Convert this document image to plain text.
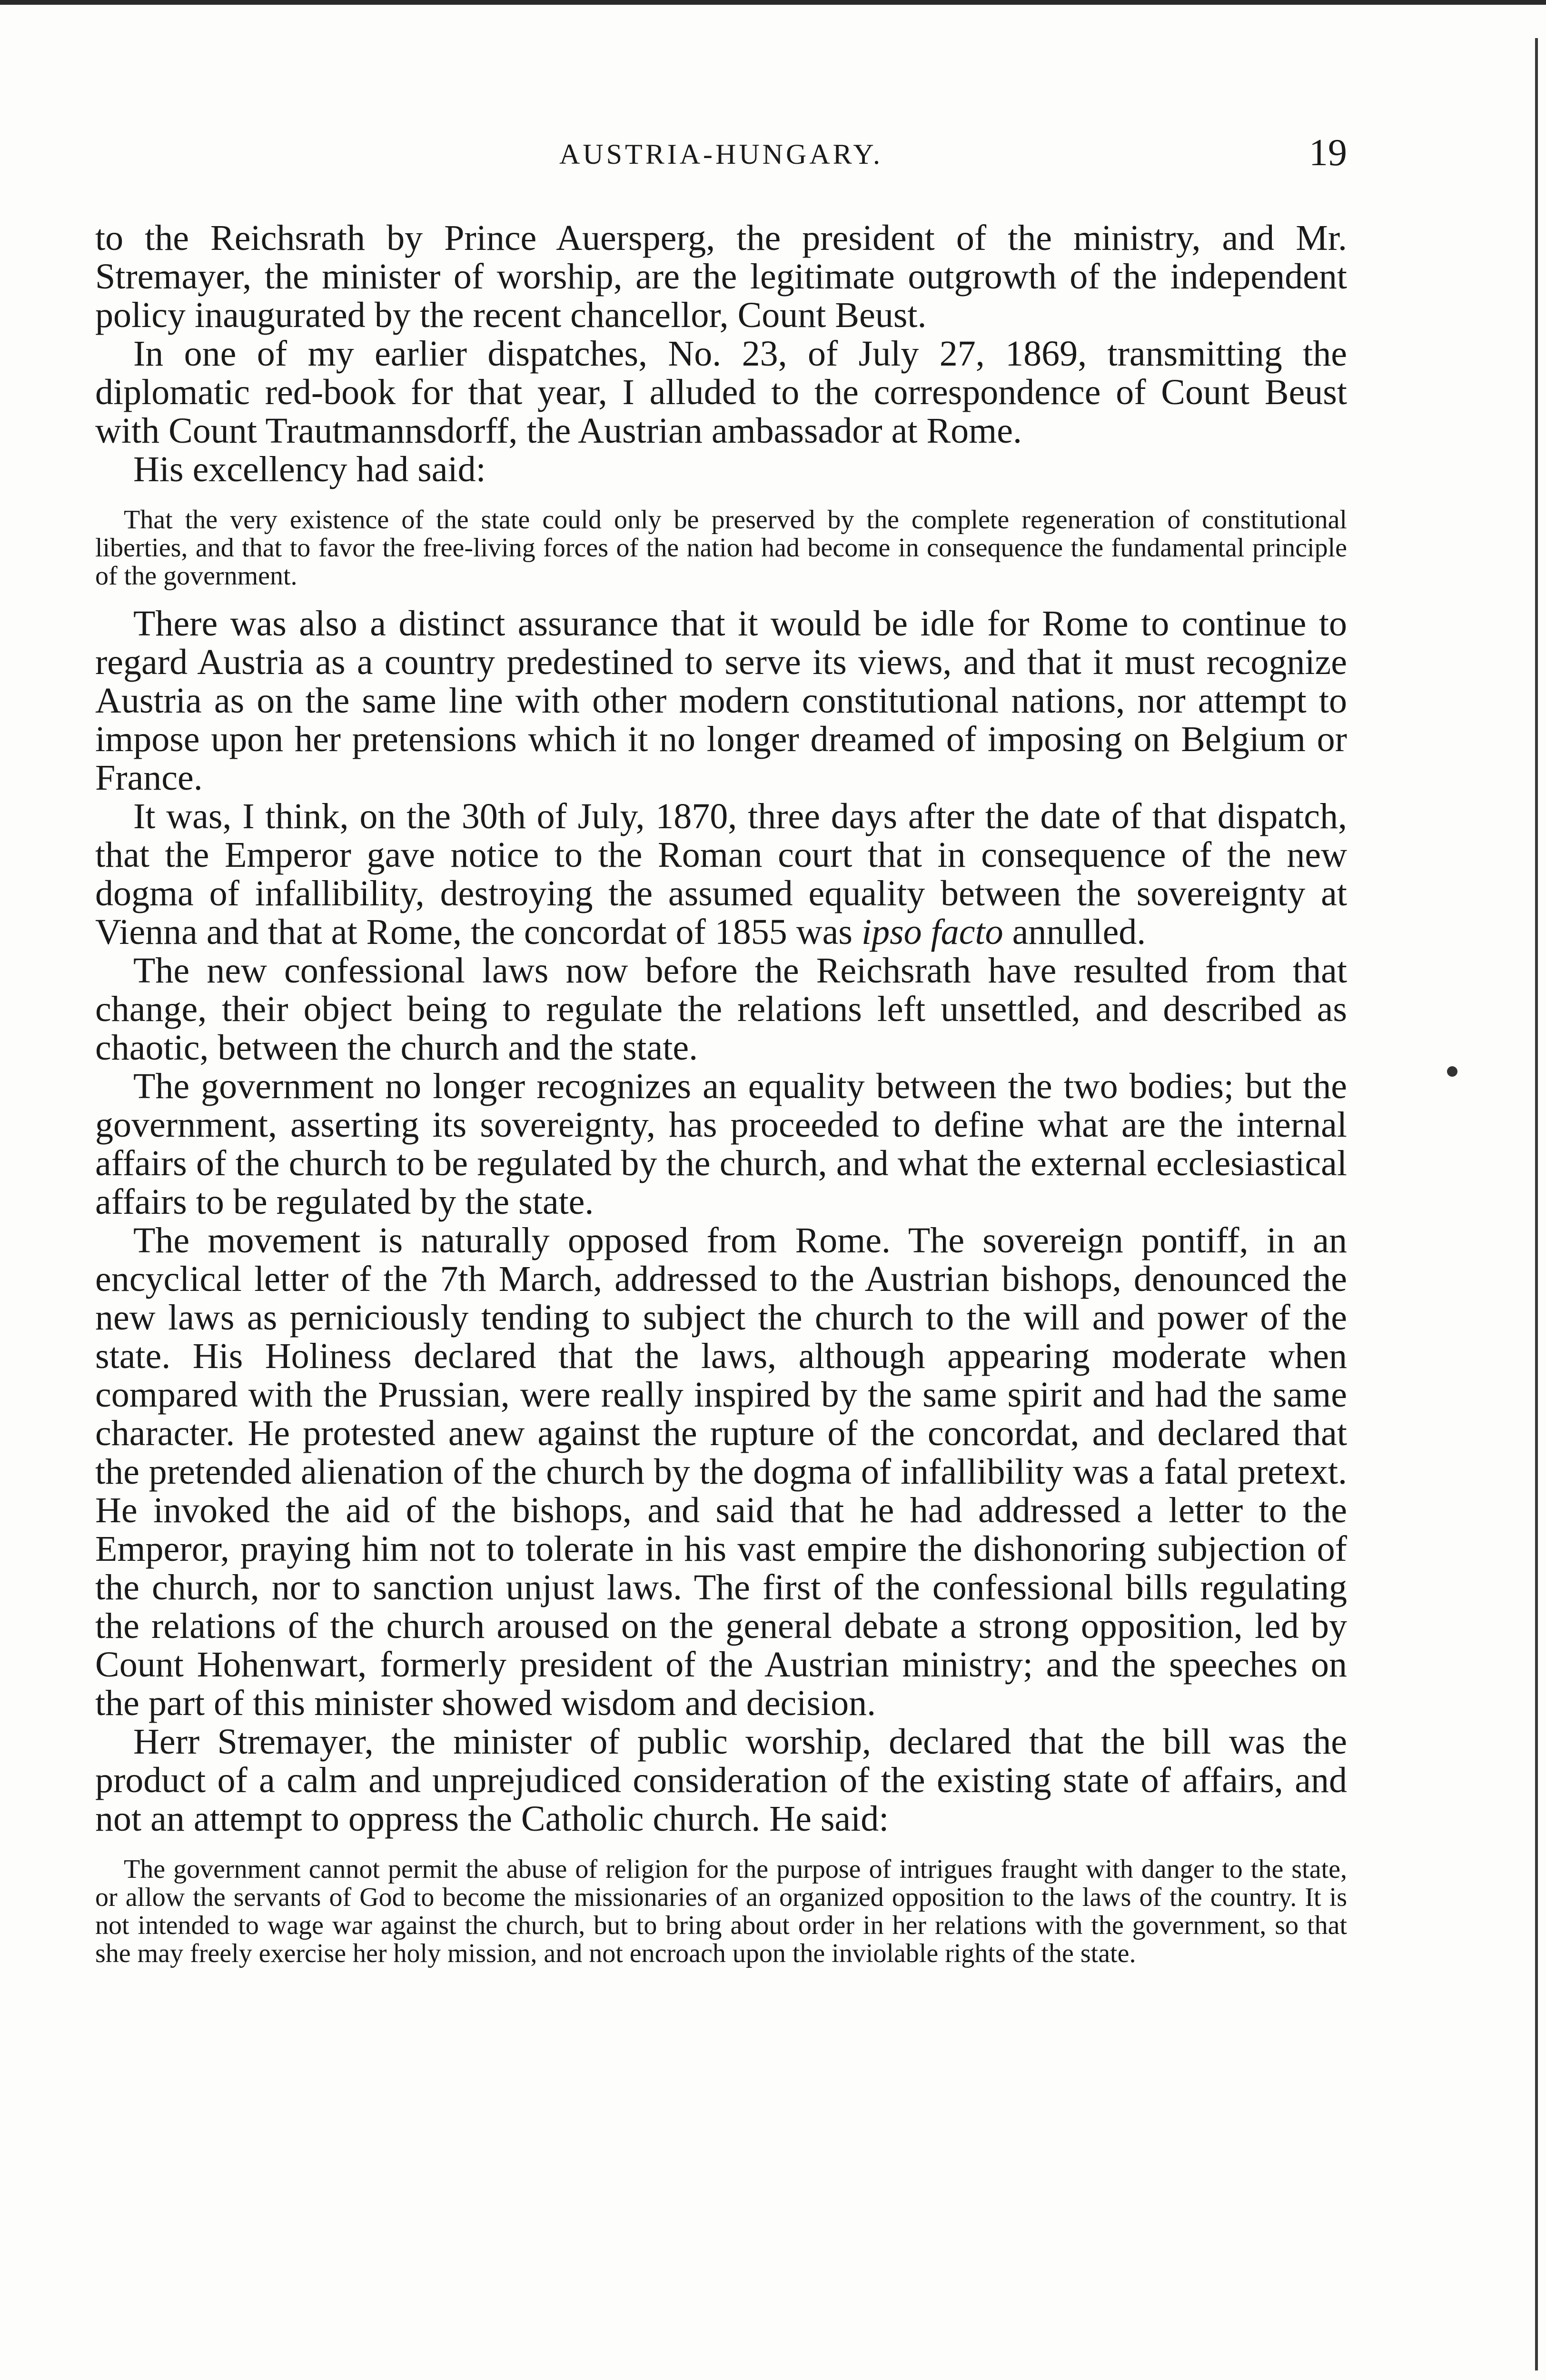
AUSTRIA-HUNGARY.	19

to the Reichsrath by Prince Auersperg, the president of the ministry, and Mr. Stremayer, the minister of worship, are the legitimate outgrowth of the independent policy inaugurated by the recent chancellor, Count Beust.

In one of my earlier dispatches, No. 23, of July 27, 1869, transmitting the diplomatic red-book for that year, I alluded to the correspondence of Count Beust with Count Trautmannsdorff, the Austrian ambassador at Rome.

His excellency had said:

That the very existence of the state could only be preserved by the complete regeneration of constitutional liberties, and that to favor the free-living forces of the nation had become in consequence the fundamental principle of the government.

There was also a distinct assurance that it would be idle for Rome to continue to regard Austria as a country predestined to serve its views, and that it must recognize Austria as on the same line with other modern constitutional nations, nor attempt to impose upon her pretensions which it no longer dreamed of imposing on Belgium or France.

It was, I think, on the 30th of July, 1870, three days after the date of that dispatch, that the Emperor gave notice to the Roman court that in consequence of the new dogma of infallibility, destroying the assumed equality between the sovereignty at Vienna and that at Rome, the concordat of 1855 was ipso facto annulled.

The new confessional laws now before the Reichsrath have resulted from that change, their object being to regulate the relations left unsettled, and described as chaotic, between the church and the state.

The government no longer recognizes an equality between the two bodies; but the government, asserting its sovereignty, has proceeded to define what are the internal affairs of the church to be regulated by the church, and what the external ecclesiastical affairs to be regulated by the state.

The movement is naturally opposed from Rome. The sovereign pontiff, in an encyclical letter of the 7th March, addressed to the Austrian bishops, denounced the new laws as perniciously tending to subject the church to the will and power of the state. His Holiness declared that the laws, although appearing moderate when compared with the Prussian, were really inspired by the same spirit and had the same character. He protested anew against the rupture of the concordat, and declared that the pretended alienation of the church by the dogma of infallibility was a fatal pretext. He invoked the aid of the bishops, and said that he had addressed a letter to the Emperor, praying him not to tolerate in his vast empire the dishonoring subjection of the church, nor to sanction unjust laws. The first of the confessional bills regulating the relations of the church aroused on the general debate a strong opposition, led by Count Hohenwart, formerly president of the Austrian ministry; and the speeches on the part of this minister showed wisdom and decision.

Herr Stremayer, the minister of public worship, declared that the bill was the product of a calm and unprejudiced consideration of the existing state of affairs, and not an attempt to oppress the Catholic church. He said:

The government cannot permit the abuse of religion for the purpose of intrigues fraught with danger to the state, or allow the servants of God to become the missionaries of an organized opposition to the laws of the country. It is not intended to wage war against the church, but to bring about order in her relations with the government, so that she may freely exercise her holy mission, and not encroach upon the inviolable rights of the state.
